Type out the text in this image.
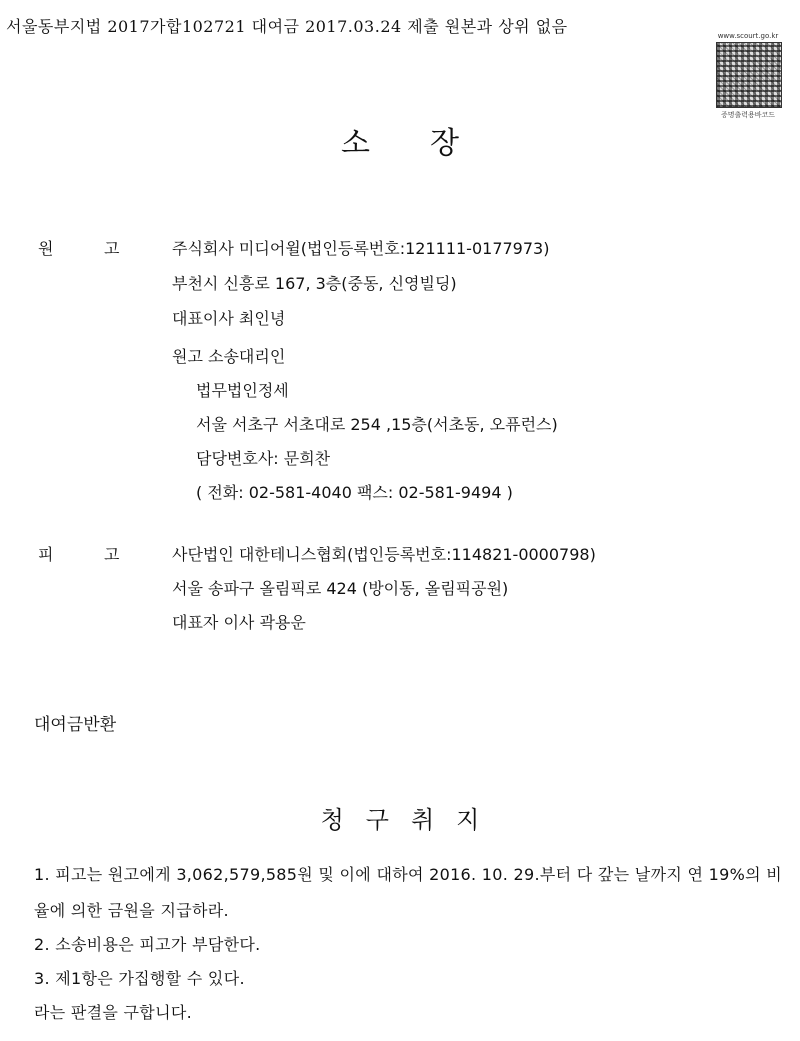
서울동부지법 2017가합102721 대여금 2017.03.24 제출 원본과 상위 없음	www.scourt.go.kr
증명출력용바코드
소장
원	고	주식회사 미디어윌(법인등록번호:121111-0177973)
부천시 신흥로 167, 3층(중동, 신영빌딩)
대표이사 최인녕
원고 소송대리인
법무법인정세
서울 서초구 서초대로 254 ,15층(서초동, 오퓨런스)
담당변호사: 문희찬
( 전화: 02-581-4040 팩스: 02-581-9494 )
피	고	사단법인 대한테니스협회(법인등록번호:114821-0000798)
서울 송파구 올림픽로 424 (방이동, 올림픽공원)
대표자 이사 곽용운
대여금반환
청구취지
1. 피고는 원고에게 3,062,579,585원 및 이에 대하여 2016. 10. 29.부터 다 갚는 날까지 연 19%의 비
율에 의한 금원을 지급하라.
2. 소송비용은 피고가 부담한다.
3. 제1항은 가집행할 수 있다.
라는 판결을 구합니다.
